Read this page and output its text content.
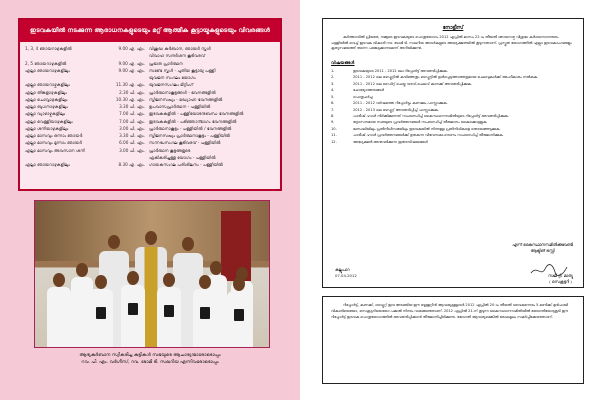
ഇടവകയിൽ നടക്കുന്ന ആരാധനകളുടെയും മറ്റ് ആത്മീക കൂട്ടായ്മകളുടെയും വിവരങ്ങൾ
1, 3, 4 ഞായറാഴ്ചകളിൽ	9.00 എ. എം. വിശുദ്ധ കുർബാന, ഞായർ സ്കൂൾ
വിവാഹ സന്ദർശന കൂടിവരവ്
2, 5 ഞായറാഴ്ചകളിൽ	9.00 എ. എം. പ്രഭാത പ്രാർത്ഥന
എല്ലാ ഞായറാഴ്ചകളിലും	9.00 എ. എം. സണ്ടേ സ്കൂൾ - പുതിയ കൂട്ടായ്മ പള്ളി
യുവജന സംഘം യോഗം
എല്ലാ ഞായറാഴ്ചകളിലും	11.30 എ. എം. യുവജനസംഘം മീറ്റിംഗ്
എല്ലാ തിങ്കളാഴ്ചകളിലും	2.30 പി. എം. പ്രാർത്ഥനാകൂട്ടങ്ങൾ - ഭവനങ്ങളിൽ
എല്ലാ ചൊവ്വാഴ്ചകളിലും	10.30 എ. എം. സ്ത്രീജനസഖ്യം - മദ്ധ്യാഹ്ന ഭവനങ്ങളിൽ
എല്ലാ ബുധനാഴ്ചകളിലും	3.30 പി. എം. ഉപവാസപ്രാർത്ഥന - പള്ളിയിൽ
എല്ലാ വ്യാഴാഴ്ചകളിലും	7.00 പി. എം. ഇടവകകളിൽ - പള്ളിയോടനുബന്ധ ഭവനങ്ങളിൽ
എല്ലാ വെള്ളിയാഴ്ചകളിലും	7.00 പി. എം. ഇടവകകളിൽ - പടിഞ്ഞാറ്ഭാഗം ഭവനങ്ങളിൽ
എല്ലാ ശനിയാഴ്ചകളിലും	3.00 പി. എം. പ്രാർത്ഥനാകൂട്ടം - പള്ളിയിൽ / ഭവനങ്ങളിൽ
എല്ലാ മാസവും ഒന്നാം ഞായർ	3.30 പി. എം. സ്ത്രീജനസഖ്യം പ്രാർത്ഥനാകൂട്ടം - പള്ളിയിൽ
എല്ലാ മാസവും മൂന്നാം ഞായർ	6.00 പി. എം. സന്നദ്ധസംഘ കൂടിവരവ് - പള്ളിയിൽ
എല്ലാ മാസവും അവസാന ശനി	3.00 പി. എം. പ്രാർത്ഥന കൂട്ടങ്ങളുടെ
ഏകീകരിച്ചുള്ള യോഗം - പള്ളിയിൽ
എല്ലാ ഞായറാഴ്ചകളിലും	8.30 എ. എം. ഗായകസംഘ പരിശീലനം - പള്ളിയിൽ
ആദ്യകുർബാന സ്വീകരിച്ച കുട്ടികൾ സഭയുടെ ആചാര്യന്മാരോടൊപ്പം
റവ. പി. എം. വർഗീസ്, റവ. ടോമി ടി. സഖറിയ എന്നിവരോടൊപ്പം
നോട്ടീസ്
കർത്താവിൽ പ്രിയരേ, നമ്മുടെ ഇടവകയുടെ പൊതുയോഗം 2012 ഏപ്രിൽ മാസം 22-ാം തീയതി ഞായറാഴ്ച വിശുദ്ധ കുർബാനാനന്തരം പള്ളിയിൽ വെച്ച് ഇടവക വികാരി റവ. ടോമി ടി. സഖറിയ അവർകളുടെ അദ്ധ്യക്ഷതയിൽ കൂടുന്നതാണ്. പ്രസ്തുത യോഗത്തിൽ എല്ലാ ഇടവകാംഗങ്ങളും കൃത്യസമയത്ത് തന്നെ പങ്കെടുക്കണമെന്ന് അറിയിക്കുന്നു.
വിഷയങ്ങൾ
1.	ഇടവകയുടെ 2011 - 2012 ലെ റിപ്പോർട്ട് അവതരിപ്പിക്കുക.
2.	2011 - 2012 ലെ ബഡ്ജറ്റിൽ കവിഞ്ഞതും ബഡ്ജറ്റിൽ ഉൾപ്പെടുത്താത്തതുമായ ചെലവുകൾക്ക് അംഗീകാരം നൽകുക.
3.	2011 - 2012 ലെ ഓഡിറ്റ് ചെയ്ത വരവ്-ചെലവ് കണക്ക് അവതരിപ്പിക്കുക.
4.	ചോദ്യോത്തരങ്ങൾ
5.	പൊതുചർച്ച
6.	2011 - 2012 വർഷത്തെ റിപ്പോർട്ടും കണക്കും പാസ്സാക്കുക.
7.	2012 - 2013 ലെ ബഡ്ജറ്റ് അവതരിപ്പിച്ച് പാസ്സാക്കുക.
8.	പാരീഷ് ഹാൾ നിർമ്മിക്കുന്നത് സംബന്ധിച്ച് കൈസ്ഥാനസമിതിയുടെ റിപ്പോർട്ട് അവതരിപ്പിക്കുക.
9.	ഭദ്രാസനമായ സഭയുടെ പ്രവർത്തനങ്ങൾ സംബന്ധിച്ച് തീരുമാനം കൈക്കൊള്ളുക.
10.	മണ്ഡലിയിലും പ്രതിനിധിസഭയിലും ഇടവകയിൽ നിന്നുള്ള പ്രതിനിധികളെ തെരഞ്ഞെടുക്കുക.
11.	പാരീഷ് ഹാൾ പ്രവർത്തനങ്ങൾക്ക് ഉതകുന്ന വിഭവസമാഹരണം സംബന്ധിച്ച് തീരുമാനിക്കുക.
12.	അദ്ധ്യക്ഷൻ അനുവദിക്കുന്ന ഇതരവിഷയങ്ങൾ
എന്ന് കൈസ്ഥാനസമിതിക്കുവേണ്ടി
ആക്ടിങ് ട്രസ്റ്റി
കല്ലുപാറ
07.04.2012	സജി റ്റി. മാത്യു
( സെക്രട്ടറി )
റിപ്പോർട്ട്, കണക്ക്, ബഡ്ജറ്റ് ഇവ അടങ്ങിയ ഈ ബുള്ളറ്റിൻ ആവശ്യമുള്ളവർ 2012 ഏപ്രിൽ 20-ാം തീയതി വൈകുന്നേരം 5 മണിക്ക് മുൻപായി വികാരിയെയോ, സെക്രട്ടറിയെയോ പക്കൽ നിന്നും വാങ്ങേണ്ടതാണ്. 2012 ഏപ്രിൽ 21-ന് കൂടുന്ന കൈസ്ഥാനസമിതിയിൽ ഭേദഗതിയോടുകൂടി ഈ റിപ്പോർട്ട് ഇടവക പൊതുയോഗത്തിൽ അവതരിപ്പിക്കാൻ തീരുമാനിച്ചിരിക്കുന്നു. ഭേദഗതി ആവശ്യമെങ്കിൽ രേഖാമൂലം സമർപ്പിക്കേണ്ടതാണ്.
